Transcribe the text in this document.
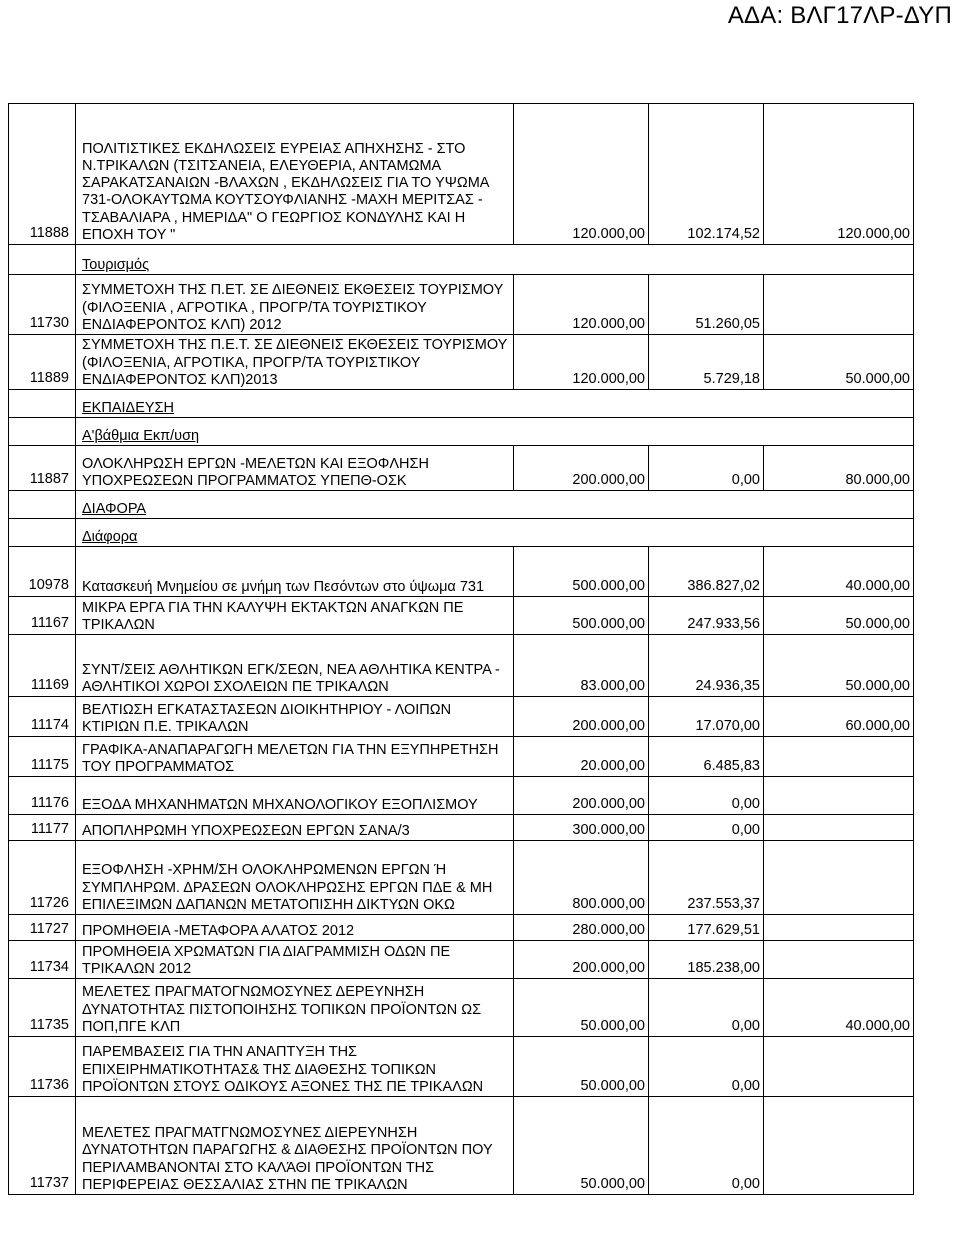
ΑΔΑ: ΒΛΓ17ΛΡ-ΔΥΠ
11888	ΠΟΛΙΤΙΣΤΙΚΕΣ ΕΚΔΗΛΩΣΕΙΣ ΕΥΡΕΙΑΣ ΑΠΗΧΗΣΗΣ - ΣΤΟ Ν.ΤΡΙΚΑΛΩΝ (ΤΣΙΤΣΑΝΕΙΑ, ΕΛΕΥΘΕΡΙΑ, ΑΝΤΑΜΩΜΑ ΣΑΡΑΚΑΤΣΑΝΑΙΩΝ -ΒΛΑΧΩΝ , ΕΚΔΗΛΩΣΕΙΣ ΓΙΑ ΤΟ ΥΨΩΜΑ 731-ΟΛΟΚΑΥΤΩΜΑ ΚΟΥΤΣΟΥΦΛΙΑΝΗΣ -ΜΑΧΗ ΜΕΡΙΤΣΑΣ - ΤΣΑΒΑΛΙΑΡΑ , ΗΜΕΡΙΔΑ" Ο ΓΕΩΡΓΙΟΣ ΚΟΝΔΥΛΗΣ ΚΑΙ Η ΕΠΟΧΗ ΤΟΥ "	120.000,00	102.174,52	120.000,00
	Τουρισμός			
11730	ΣΥΜΜΕΤΟΧΗ ΤΗΣ Π.ΕΤ. ΣΕ ΔΙΕΘΝΕΙΣ ΕΚΘΕΣΕΙΣ ΤΟΥΡΙΣΜΟΥ (ΦΙΛΟΞΕΝΙΑ , ΑΓΡΟΤΙΚΑ , ΠΡΟΓΡ/ΤΑ ΤΟΥΡΙΣΤΙΚΟΥ ΕΝΔΙΑΦΕΡΟΝΤΟΣ ΚΛΠ) 2012	120.000,00	51.260,05	
11889	ΣΥΜΜΕΤΟΧΗ ΤΗΣ Π.Ε.Τ. ΣΕ ΔΙΕΘΝΕΙΣ ΕΚΘΕΣΕΙΣ ΤΟΥΡΙΣΜΟΥ (ΦΙΛΟΞΕΝΙΑ, ΑΓΡΟΤΙΚΑ, ΠΡΟΓΡ/ΤΑ ΤΟΥΡΙΣΤΙΚΟΥ ΕΝΔΙΑΦΕΡΟΝΤΟΣ ΚΛΠ)2013	120.000,00	5.729,18	50.000,00
	ΕΚΠΑΙΔΕΥΣΗ			
	Α'βάθμια Εκπ/υση			
11887	ΟΛΟΚΛΗΡΩΣΗ ΕΡΓΩΝ -ΜΕΛΕΤΩΝ ΚΑΙ ΕΞΟΦΛΗΣΗ ΥΠΟΧΡΕΩΣΕΩΝ ΠΡΟΓΡΑΜΜΑΤΟΣ ΥΠΕΠΘ-ΟΣΚ	200.000,00	0,00	80.000,00
	ΔΙΑΦΟΡΑ			
	Διάφορα			
10978	Κατασκευή Μνημείου σε μνήμη των Πεσόντων στο ύψωμα 731	500.000,00	386.827,02	40.000,00
11167	ΜΙΚΡΑ ΕΡΓΑ ΓΙΑ ΤΗΝ ΚΑΛΥΨΗ ΕΚΤΑΚΤΩΝ ΑΝΑΓΚΩΝ ΠΕ ΤΡΙΚΑΛΩΝ	500.000,00	247.933,56	50.000,00
11169	ΣΥΝΤ/ΣΕΙΣ ΑΘΛΗΤΙΚΩΝ ΕΓΚ/ΣΕΩΝ, ΝΕΑ ΑΘΛΗΤΙΚΑ ΚΕΝΤΡΑ - ΑΘΛΗΤΙΚΟΙ ΧΩΡΟΙ ΣΧΟΛΕΙΩΝ ΠΕ ΤΡΙΚΑΛΩΝ	83.000,00	24.936,35	50.000,00
11174	ΒΕΛΤΙΩΣΗ ΕΓΚΑΤΑΣΤΑΣΕΩΝ ΔΙΟΙΚΗΤΗΡΙΟΥ - ΛΟΙΠΩΝ ΚΤΙΡΙΩΝ Π.Ε. ΤΡΙΚΑΛΩΝ	200.000,00	17.070,00	60.000,00
11175	ΓΡΑΦΙΚΑ-ΑΝΑΠΑΡΑΓΩΓΗ ΜΕΛΕΤΩΝ ΓΙΑ ΤΗΝ ΕΞΥΠΗΡΕΤΗΣΗ ΤΟΥ ΠΡΟΓΡΑΜΜΑΤΟΣ	20.000,00	6.485,83	
11176	ΕΞΟΔΑ ΜΗΧΑΝΗΜΑΤΩΝ ΜΗΧΑΝΟΛΟΓΙΚΟΥ ΕΞΟΠΛΙΣΜΟΥ	200.000,00	0,00	
11177	ΑΠΟΠΛΗΡΩΜΗ ΥΠΟΧΡΕΩΣΕΩΝ ΕΡΓΩΝ ΣΑΝΑ/3	300.000,00	0,00	
11726	ΕΞΟΦΛΗΣΗ -ΧΡΗΜ/ΣΗ ΟΛΟΚΛΗΡΩΜΕΝΩΝ ΕΡΓΩΝ Ή ΣΥΜΠΛΗΡΩΜ. ΔΡΑΣΕΩΝ ΟΛΟΚΛΗΡΩΣΗΣ ΕΡΓΩΝ ΠΔΕ & ΜΗ ΕΠΙΛΕΞΙΜΩΝ ΔΑΠΑΝΩΝ ΜΕΤΑΤΟΠΙΣΗΗ ΔΙΚΤΥΩΝ ΟΚΩ	800.000,00	237.553,37	
11727	ΠΡΟΜΗΘΕΙΑ -ΜΕΤΑΦΟΡΑ ΑΛΑΤΟΣ 2012	280.000,00	177.629,51	
11734	ΠΡΟΜΗΘΕΙΑ ΧΡΩΜΑΤΩΝ ΓΙΑ ΔΙΑΓΡΑΜΜΙΣΗ ΟΔΩΝ ΠΕ ΤΡΙΚΑΛΩΝ 2012	200.000,00	185.238,00	
11735	ΜΕΛΕΤΕΣ ΠΡΑΓΜΑΤΟΓΝΩΜΟΣΥΝΕΣ ΔΕΡΕΥΝΗΣΗ ΔΥΝΑΤΟΤΗΤΑΣ ΠΙΣΤΟΠΟΙΗΣΗΣ ΤΟΠΙΚΩΝ ΠΡΟΪΟΝΤΩΝ ΩΣ ΠΟΠ,ΠΓΕ ΚΛΠ	50.000,00	0,00	40.000,00
11736	ΠΑΡΕΜΒΑΣΕΙΣ ΓΙΑ ΤΗΝ ΑΝΑΠΤΥΞΗ ΤΗΣ ΕΠΙΧΕΙΡΗΜΑΤΙΚΟΤΗΤΑΣ& ΤΗΣ ΔΙΑΘΕΣΗΣ ΤΟΠΙΚΩΝ ΠΡΟΪΟΝΤΩΝ ΣΤΟΥΣ ΟΔΙΚΟΥΣ ΑΞΟΝΕΣ ΤΗΣ ΠΕ ΤΡΙΚΑΛΩΝ	50.000,00	0,00	
11737	ΜΕΛΕΤΕΣ ΠΡΑΓΜΑΤΓΝΩΜΟΣΥΝΕΣ ΔΙΕΡΕΥΝΗΣΗ ΔΥΝΑΤΟΤΗΤΩΝ ΠΑΡΑΓΩΓΗΣ & ΔΙΑΘΕΣΗΣ ΠΡΟΪΟΝΤΩΝ ΠΟΥ ΠΕΡΙΛΑΜΒΑΝΟΝΤΑΙ ΣΤΟ ΚΑΛΆΘΙ ΠΡΟΪΟΝΤΩΝ ΤΗΣ ΠΕΡΙΦΕΡΕΙΑΣ ΘΕΣΣΑΛΙΑΣ ΣΤΗΝ ΠΕ ΤΡΙΚΑΛΩΝ	50.000,00	0,00	
